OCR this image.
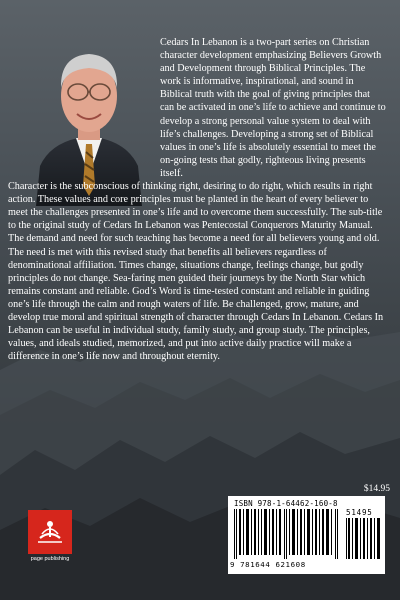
Cedars In Lebanon is a two-part series on Christian character development emphasizing Believers Growth and Development through Biblical Principles. The work is informative, inspirational, and sound in Biblical truth with the goal of giving principles that can be activated in one’s life to achieve and continue to develop a strong personal value system to deal with life’s challenges. Developing a strong set of Biblical values in one’s life is absolutely essential to meet the on-going tests that godly, righteous living presents itself.

Character is the subconscious of thinking right, desiring to do right, which results in right action. These values and core principles must be planted in the heart of every believer to meet the challenges presented in one’s life and to overcome them successfully. The sub-title to the original study of Cedars In Lebanon was Pentecostal Conquerors Maturity Manual. The demand and need for such teaching has become a need for all believers young and old. The need is met with this revised study that benefits all believers regardless of denominational affiliation. Times change, situations change, feelings change, but godly principles do not change. Sea-faring men guided their journeys by the North Star which remains constant and reliable. God’s Word is time-tested constant and reliable in guiding one’s life through the calm and rough waters of life. Be challenged, grow, mature, and develop true moral and spiritual strength of character through Cedars In Lebanon. Cedars In Lebanon can be useful in individual study, family study, and group study. The principles, values, and ideals studied, memorized, and put into active daily practice will make a difference in one’s life now and throughout eternity.

$14.95
ISBN 978-1-64462-160-8
51495
9 781644 621608
page publishing
